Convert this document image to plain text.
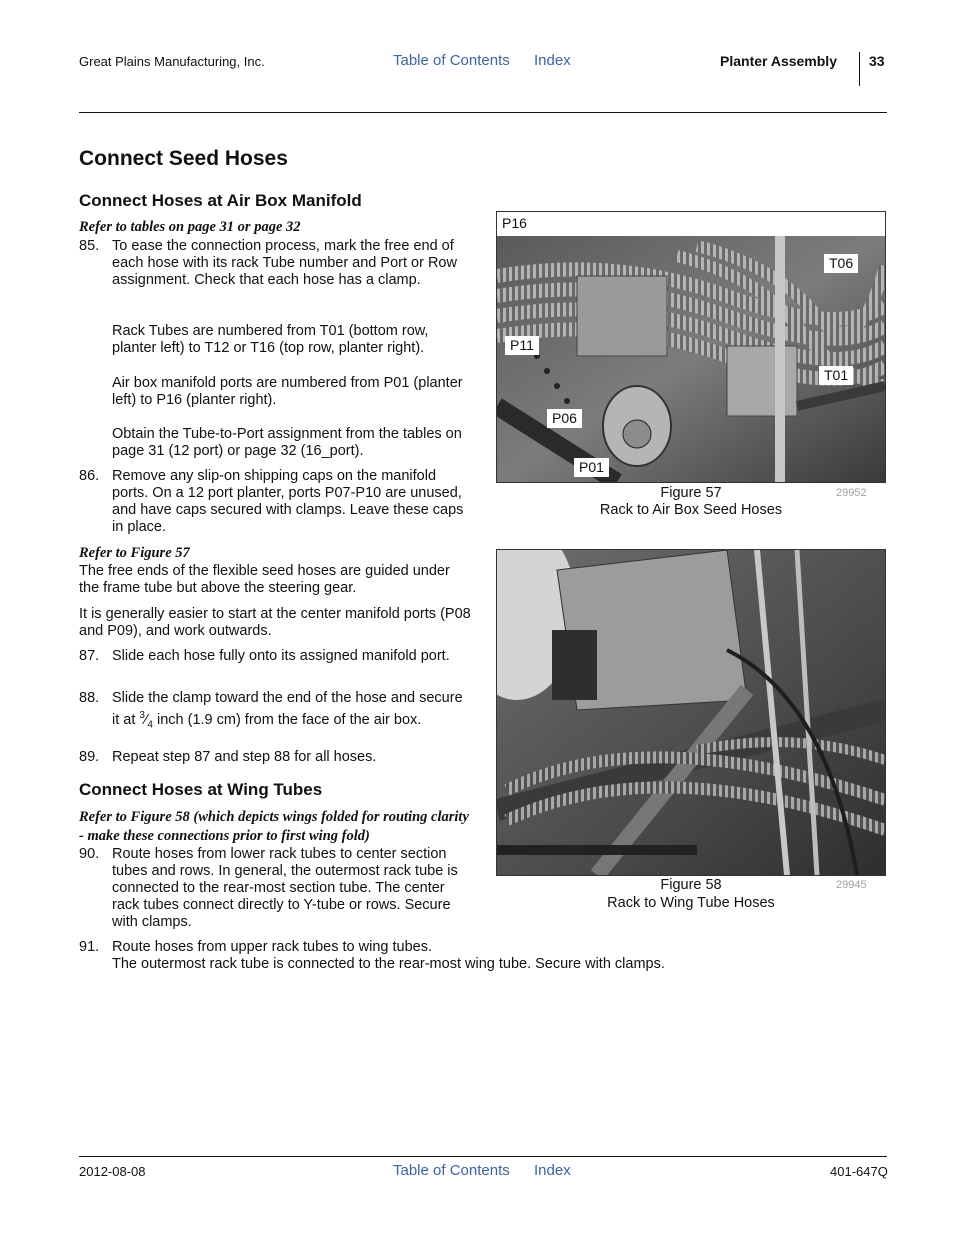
Great Plains Manufacturing, Inc.	Table of Contents Index	Planter Assembly 33
Connect Seed Hoses
Connect Hoses at Air Box Manifold
Refer to tables on page 31 or page 32
85. To ease the connection process, mark the free end of each hose with its rack Tube number and Port or Row assignment. Check that each hose has a clamp.
Rack Tubes are numbered from T01 (bottom row, planter left) to T12 or T16 (top row, planter right).
Air box manifold ports are numbered from P01 (planter left) to P16 (planter right).
Obtain the Tube-to-Port assignment from the tables on page 31 (12 port) or page 32 (16_port).
86. Remove any slip-on shipping caps on the manifold ports. On a 12 port planter, ports P07-P10 are unused, and have caps secured with clamps. Leave these caps in place.
Refer to Figure 57
The free ends of the flexible seed hoses are guided under the frame tube but above the steering gear.
It is generally easier to start at the center manifold ports (P08 and P09), and work outwards.
87. Slide each hose fully onto its assigned manifold port.
88. Slide the clamp toward the end of the hose and secure it at $^3⁄_4$ inch (1.9 cm) from the face of the air box.
89. Repeat step 87 and step 88 for all hoses.
Connect Hoses at Wing Tubes
Refer to Figure 58 (which depicts wings folded for routing clarity - make these connections prior to first wing fold)
90. Route hoses from lower rack tubes to center section tubes and rows. In general, the outermost rack tube is connected to the rear-most section tube. The center rack tubes connect directly to Y-tube or rows. Secure with clamps.
91. Route hoses from upper rack tubes to wing tubes.
The outermost rack tube is connected to the rear-most wing tube. Secure with clamps.
P16
T06
P11
T01
P06
P01
Figure 57
Rack to Air Box Seed Hoses
29952
Figure 58
Rack to Wing Tube Hoses
29945
2012-08-08	Table of Contents Index	401-647Q
